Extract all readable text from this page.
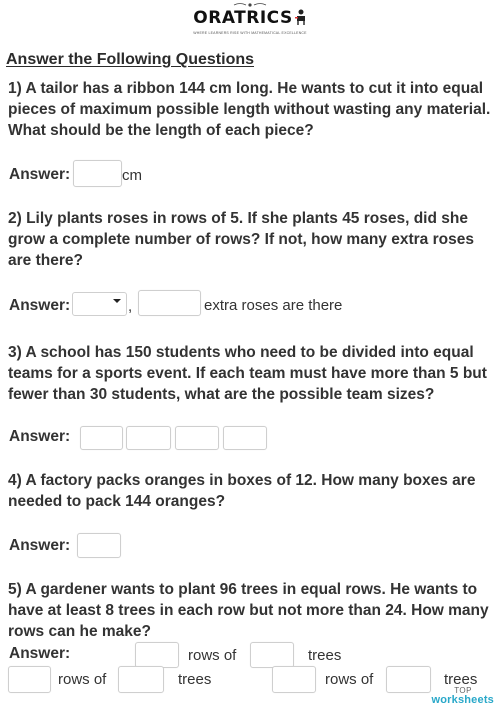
ORATRICS
WHERE LEARNERS RISE WITH MATHEMATICAL EXCELLENCE
Answer the Following Questions
1) A tailor has a ribbon 144 cm long. He wants to cut it into equal pieces of maximum possible length without wasting any material. What should be the length of each piece?
Answer:	cm
2) Lily plants roses in rows of 5. If she plants 45 roses, did she grow a complete number of rows? If not, how many extra roses are there?
Answer:	,	extra roses are there
3) A school has 150 students who need to be divided into equal teams for a sports event. If each team must have more than 5 but fewer than 30 students, what are the possible team sizes?
Answer:
4) A factory packs oranges in boxes of 12. How many boxes are needed to pack 144 oranges?
Answer:
5) A gardener wants to plant 96 trees in equal rows. He wants to have at least 8 trees in each row but not more than 24. How many rows can he make?
Answer:	rows of	trees
rows of	trees	rows of	trees
TOP
worksheets
